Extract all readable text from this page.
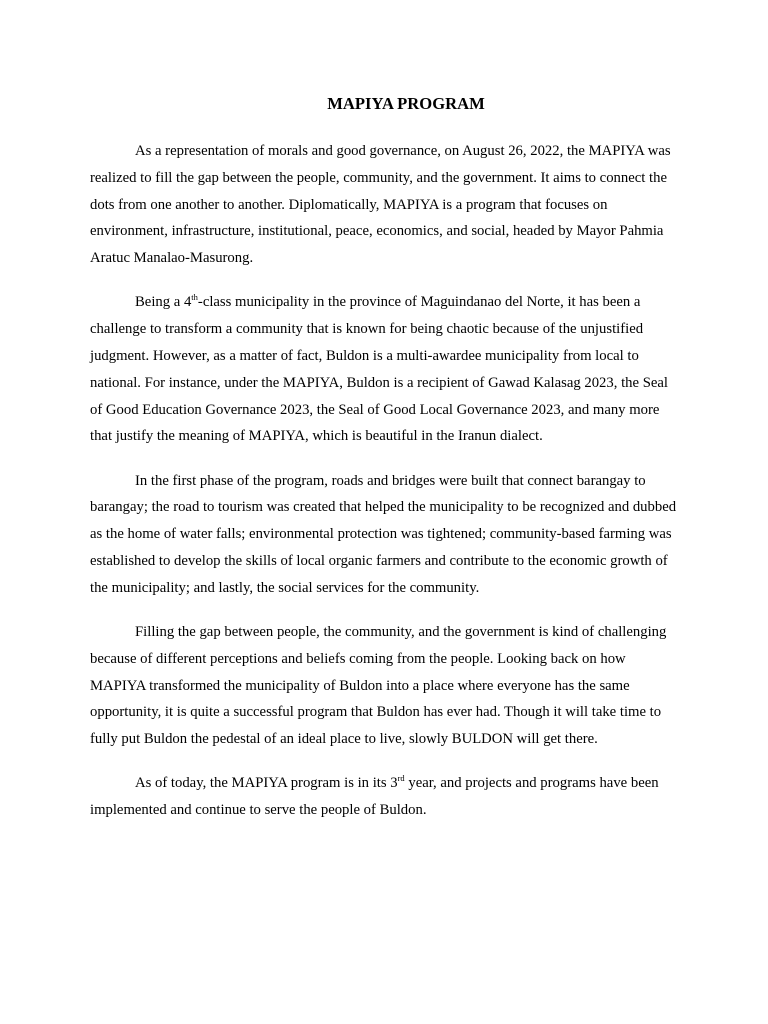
MAPIYA PROGRAM

As a representation of morals and good governance, on August 26, 2022, the MAPIYA was realized to fill the gap between the people, community, and the government. It aims to connect the dots from one another to another. Diplomatically, MAPIYA is a program that focuses on environment, infrastructure, institutional, peace, economics, and social, headed by Mayor Pahmia Aratuc Manalao-Masurong.

Being a 4th-class municipality in the province of Maguindanao del Norte, it has been a challenge to transform a community that is known for being chaotic because of the unjustified judgment. However, as a matter of fact, Buldon is a multi-awardee municipality from local to national. For instance, under the MAPIYA, Buldon is a recipient of Gawad Kalasag 2023, the Seal of Good Education Governance 2023, the Seal of Good Local Governance 2023, and many more that justify the meaning of MAPIYA, which is beautiful in the Iranun dialect.

In the first phase of the program, roads and bridges were built that connect barangay to barangay; the road to tourism was created that helped the municipality to be recognized and dubbed as the home of water falls; environmental protection was tightened; community-based farming was established to develop the skills of local organic farmers and contribute to the economic growth of the municipality; and lastly, the social services for the community.

Filling the gap between people, the community, and the government is kind of challenging because of different perceptions and beliefs coming from the people. Looking back on how MAPIYA transformed the municipality of Buldon into a place where everyone has the same opportunity, it is quite a successful program that Buldon has ever had. Though it will take time to fully put Buldon the pedestal of an ideal place to live, slowly BULDON will get there.

As of today, the MAPIYA program is in its 3rd year, and projects and programs have been implemented and continue to serve the people of Buldon.
